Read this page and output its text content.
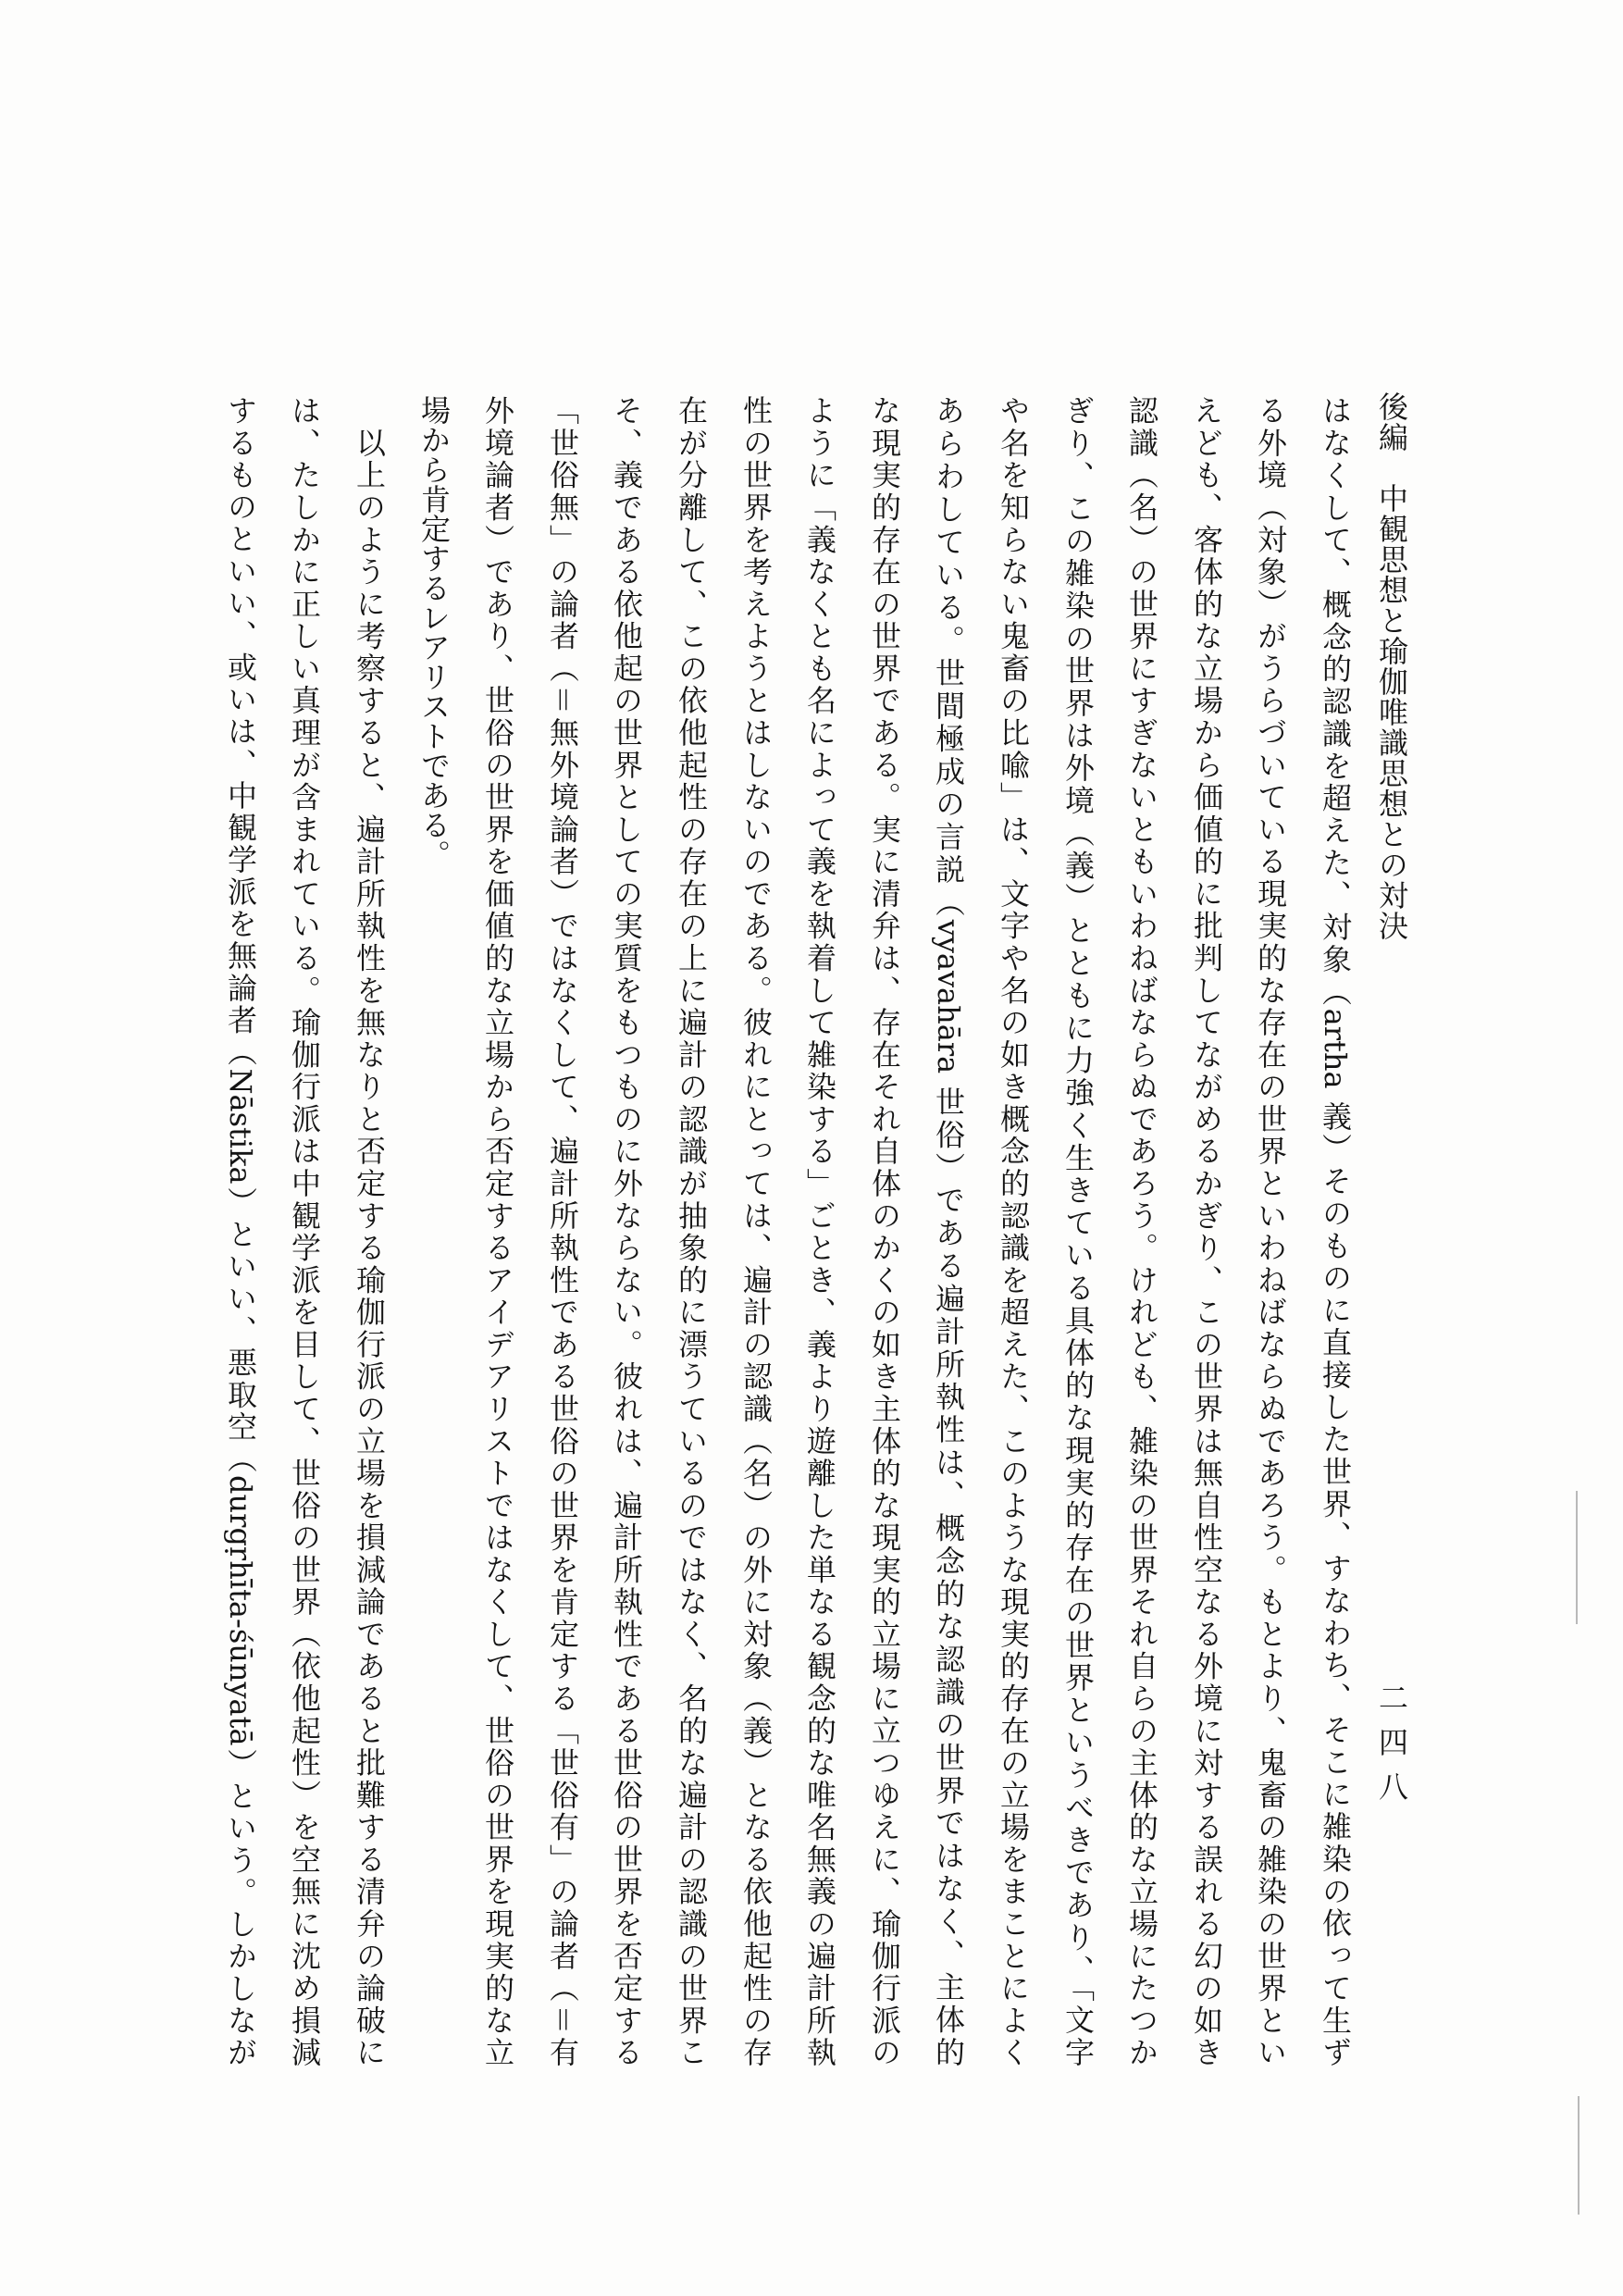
後編　中観思想と瑜伽唯識思想との対決
二四八
はなくして、概念的認識を超えた、対象（artha 義）そのものに直接した世界、すなわち、そこに雑染の依って生ず
る外境（対象）がうらづいている現実的な存在の世界といわねばならぬであろう。もとより、鬼畜の雑染の世界とい
えども、客体的な立場から価値的に批判してながめるかぎり、この世界は無自性空なる外境に対する誤れる幻の如き
認識（名）の世界にすぎないともいわねばならぬであろう。けれども、雑染の世界それ自らの主体的な立場にたつか
ぎり、この雑染の世界は外境（義）とともに力強く生きている具体的な現実的存在の世界というべきであり、「文字
や名を知らない鬼畜の比喩」は、文字や名の如き概念的認識を超えた、このような現実的存在の立場をまことによく
あらわしている。世間極成の言説（vyavahāra 世俗）である遍計所執性は、概念的な認識の世界ではなく、主体的
な現実的存在の世界である。実に清弁は、存在それ自体のかくの如き主体的な現実的立場に立つゆえに、瑜伽行派の
ように「義なくとも名によって義を執着して雑染する」ごとき、義より遊離した単なる観念的な唯名無義の遍計所執
性の世界を考えようとはしないのである。彼れにとっては、遍計の認識（名）の外に対象（義）となる依他起性の存
在が分離して、この依他起性の存在の上に遍計の認識が抽象的に漂うているのではなく、名的な遍計の認識の世界こ
そ、義である依他起の世界としての実質をもつものに外ならない。彼れは、遍計所執性である世俗の世界を否定する
「世俗無」の論者（＝無外境論者）ではなくして、遍計所執性である世俗の世界を肯定する「世俗有」の論者（＝有
外境論者）であり、世俗の世界を価値的な立場から否定するアイデアリストではなくして、世俗の世界を現実的な立
場から肯定するレアリストである。
　以上のように考察すると、遍計所執性を無なりと否定する瑜伽行派の立場を損減論であると批難する清弁の論破に
は、たしかに正しい真理が含まれている。瑜伽行派は中観学派を目して、世俗の世界（依他起性）を空無に沈め損減
するものといい、或いは、中観学派を無論者（Nāstika）といい、悪取空（durgṛhīta-śūnyatā）という。しかしなが
